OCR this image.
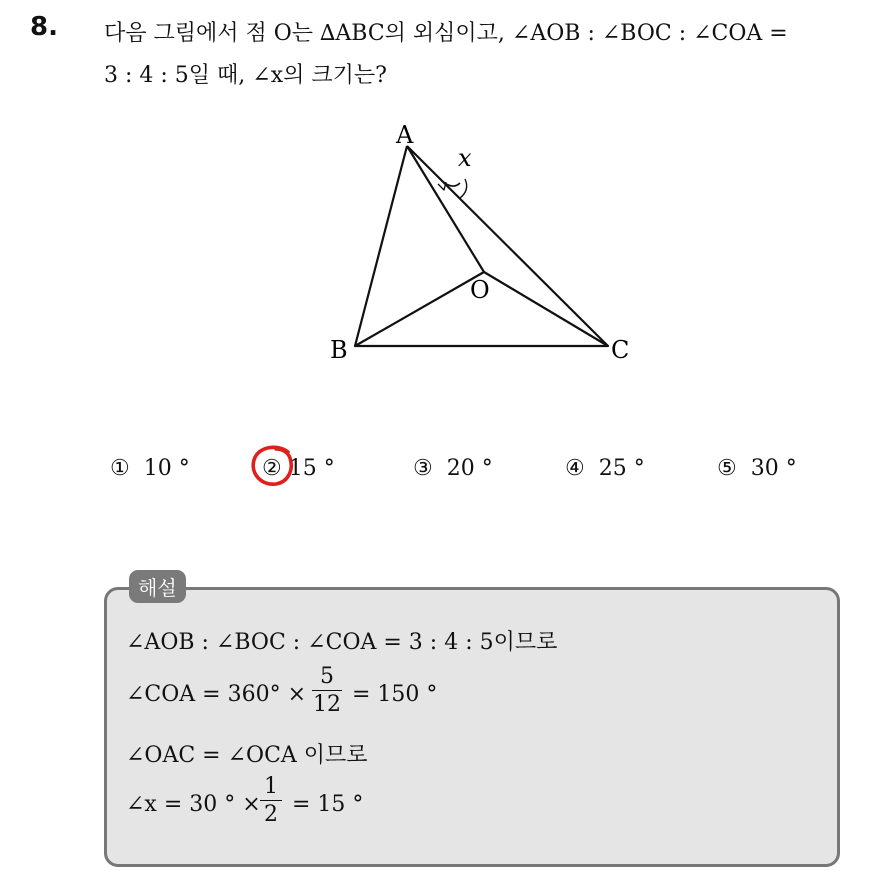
8. 다음 그림에서 점 O는 ∆ABC의 외심이고, ∠AOB : ∠BOC : ∠COA =
3 : 4 : 5일 때, ∠x의 크기는?
A
B	C
O
x
① 10 °	② 15 °	③ 20 °	④ 25 °	⑤ 30 °
해설
∠AOB : ∠BOC : ∠COA = 3 : 4 : 5이므로
∠COA = 360° ×
5
12 = 150 °
∠OAC = ∠OCA 이므로
∠x = 30 ° ×
1
2 = 15 °
